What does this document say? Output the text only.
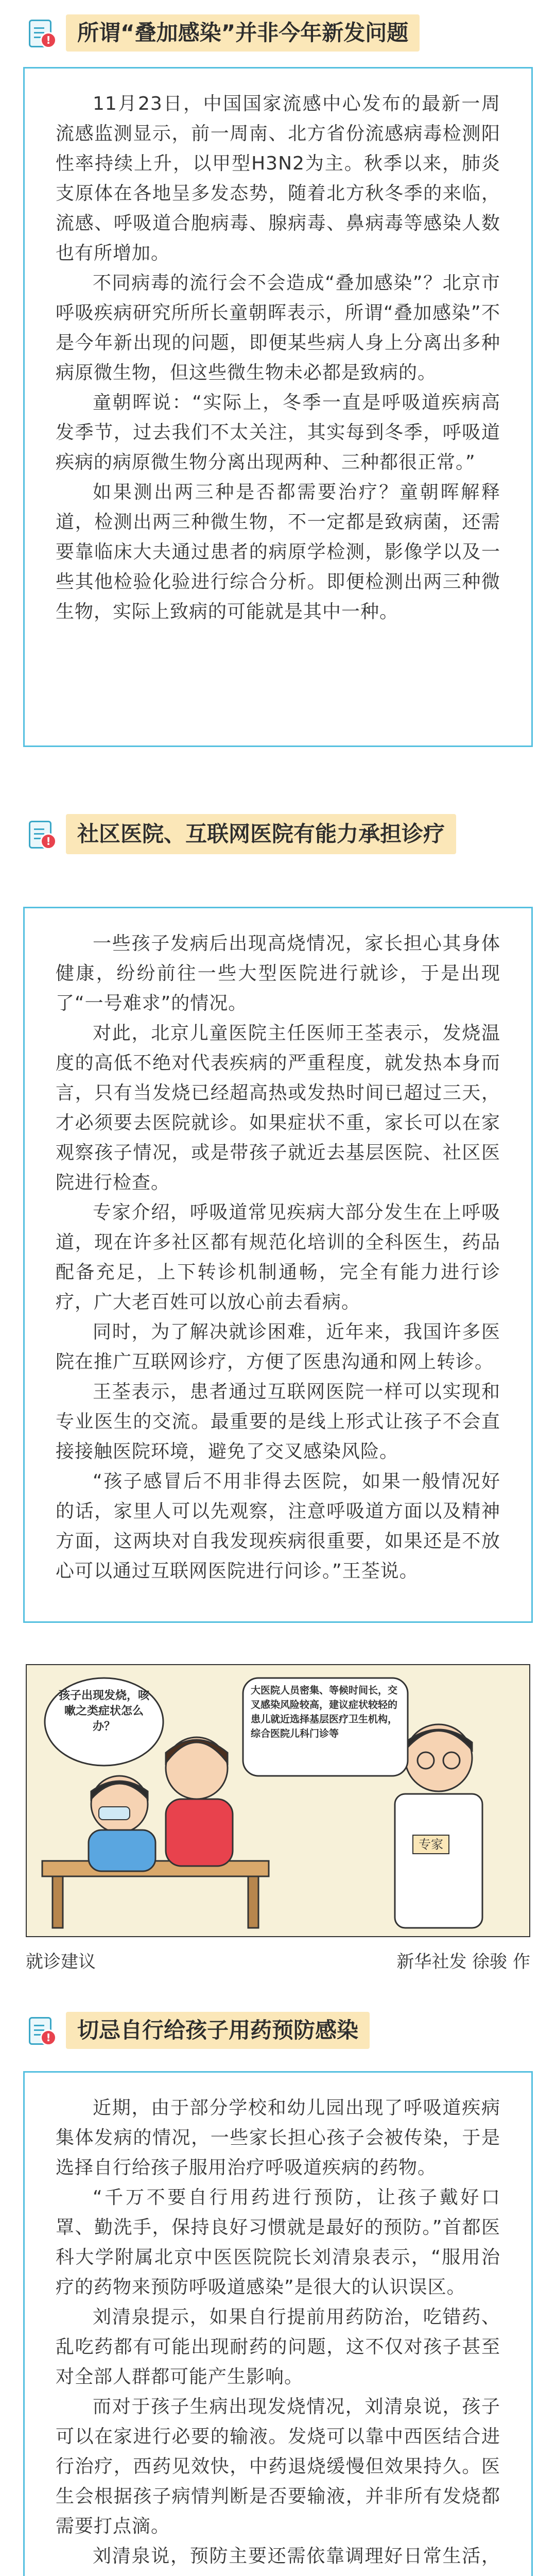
!	所谓“叠加感染”并非今年新发问题

11月23日，中国国家流感中心发布的最新一周流感监测显示，前一周南、北方省份流感病毒检测阳性率持续上升，以甲型H3N2为主。秋季以来，肺炎支原体在各地呈多发态势，随着北方秋冬季的来临，流感、呼吸道合胞病毒、腺病毒、鼻病毒等感染人数也有所增加。

不同病毒的流行会不会造成“叠加感染”？北京市呼吸疾病研究所所长童朝晖表示，所谓“叠加感染”不是今年新出现的问题，即便某些病人身上分离出多种病原微生物，但这些微生物未必都是致病的。

童朝晖说：“实际上，冬季一直是呼吸道疾病高发季节，过去我们不太关注，其实每到冬季，呼吸道疾病的病原微生物分离出现两种、三种都很正常。”

如果测出两三种是否都需要治疗？童朝晖解释道，检测出两三种微生物，不一定都是致病菌，还需要靠临床大夫通过患者的病原学检测，影像学以及一些其他检验化验进行综合分析。即便检测出两三种微生物，实际上致病的可能就是其中一种。

!	社区医院、互联网医院有能力承担诊疗

一些孩子发病后出现高烧情况，家长担心其身体健康，纷纷前往一些大型医院进行就诊，于是出现了“一号难求”的情况。

对此，北京儿童医院主任医师王荃表示，发烧温度的高低不绝对代表疾病的严重程度，就发热本身而言，只有当发烧已经超高热或发热时间已超过三天，才必须要去医院就诊。如果症状不重，家长可以在家观察孩子情况，或是带孩子就近去基层医院、社区医院进行检查。

专家介绍，呼吸道常见疾病大部分发生在上呼吸道，现在许多社区都有规范化培训的全科医生，药品配备充足，上下转诊机制通畅，完全有能力进行诊疗，广大老百姓可以放心前去看病。

同时，为了解决就诊困难，近年来，我国许多医院在推广互联网诊疗，方便了医患沟通和网上转诊。

王荃表示，患者通过互联网医院一样可以实现和专业医生的交流。最重要的是线上形式让孩子不会直接接触医院环境，避免了交叉感染风险。

“孩子感冒后不用非得去医院，如果一般情况好的话，家里人可以先观察，注意呼吸道方面以及精神方面，这两块对自我发现疾病很重要，如果还是不放心可以通过互联网医院进行问诊。”王荃说。

专家
孩子出现发烧，咳嗽之类症状怎么办？
大医院人员密集、等候时间长，交叉感染风险较高，建议症状较轻的患儿就近选择基层医疗卫生机构，综合医院儿科门诊等
就诊建议	新华社发 徐骏 作
!	切忌自行给孩子用药预防感染

近期，由于部分学校和幼儿园出现了呼吸道疾病集体发病的情况，一些家长担心孩子会被传染，于是选择自行给孩子服用治疗呼吸道疾病的药物。

“千万不要自行用药进行预防，让孩子戴好口罩、勤洗手，保持良好习惯就是最好的预防。”首都医科大学附属北京中医医院院长刘清泉表示，“服用治疗的药物来预防呼吸道感染”是很大的认识误区。

刘清泉提示，如果自行提前用药防治，吃错药、乱吃药都有可能出现耐药的问题，这不仅对孩子甚至对全部人群都可能产生影响。

而对于孩子生病出现发烧情况，刘清泉说，孩子可以在家进行必要的输液。发烧可以靠中西医结合进行治疗，西药见效快，中药退烧缓慢但效果持久。医生会根据孩子病情判断是否要输液，并非所有发烧都需要打点滴。

刘清泉说，预防主要还需依靠调理好日常生活，
